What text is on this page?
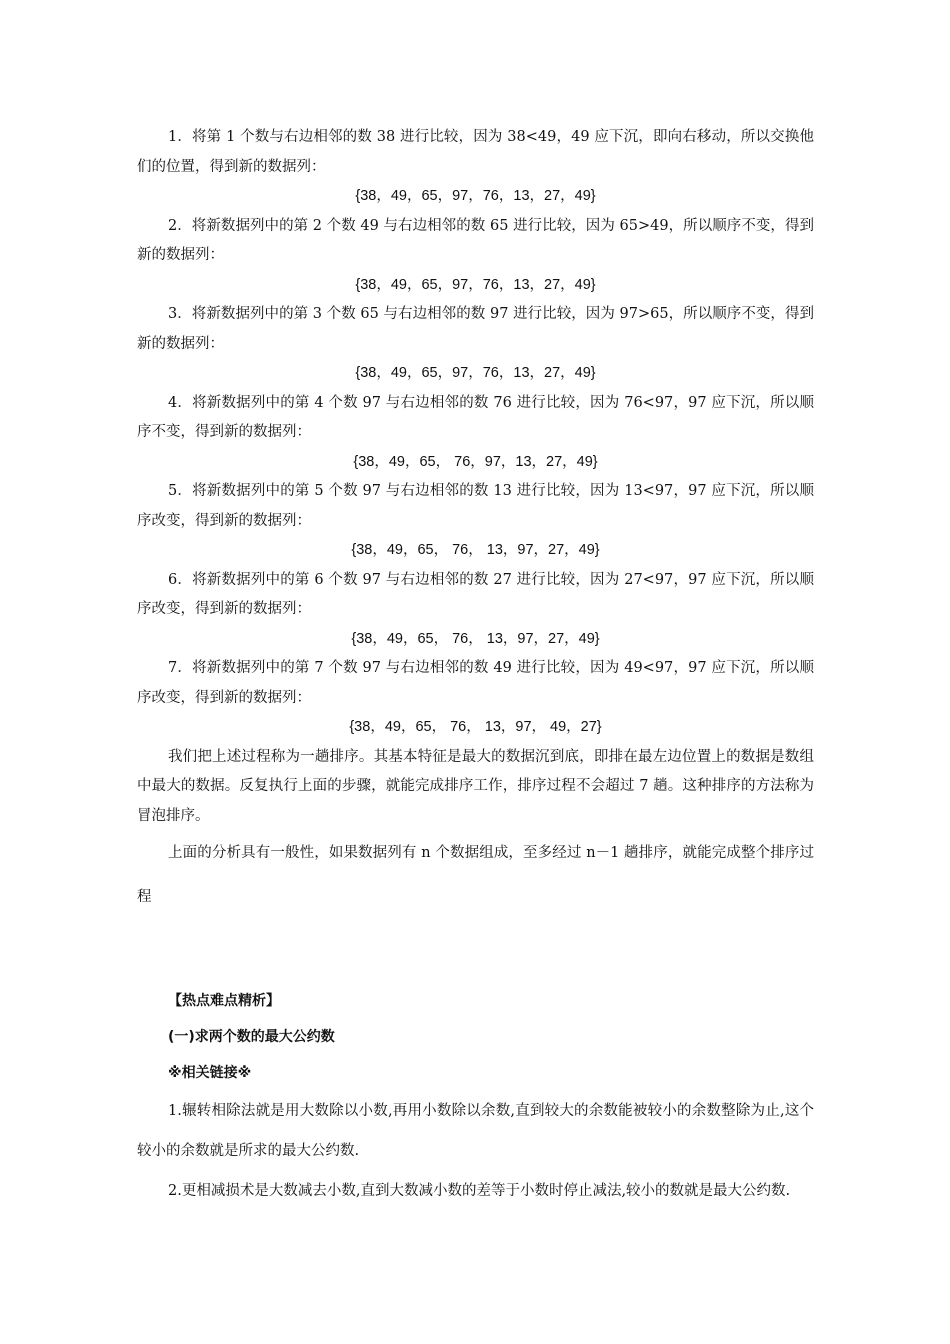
1．将第 1 个数与右边相邻的数 38 进行比较，因为 38<49，49 应下沉，即向右移动，所以交换他们的位置，得到新的数据列：

{38，49，65，97，76，13，27，49}

2．将新数据列中的第 2 个数 49 与右边相邻的数 65 进行比较，因为 65>49，所以顺序不变，得到新的数据列：

{38，49，65，97，76，13，27，49}

3．将新数据列中的第 3 个数 65 与右边相邻的数 97 进行比较，因为 97>65，所以顺序不变，得到新的数据列：

{38，49，65，97，76，13，27，49}

4．将新数据列中的第 4 个数 97 与右边相邻的数 76 进行比较，因为 76<97，97 应下沉，所以顺序不变，得到新的数据列：

{38，49，65， 76，97，13，27，49}

5．将新数据列中的第 5 个数 97 与右边相邻的数 13 进行比较，因为 13<97，97 应下沉，所以顺序改变，得到新的数据列：

{38，49，65， 76， 13，97，27，49}

6．将新数据列中的第 6 个数 97 与右边相邻的数 27 进行比较，因为 27<97，97 应下沉，所以顺序改变，得到新的数据列：

{38，49，65， 76， 13，97，27，49}

7．将新数据列中的第 7 个数 97 与右边相邻的数 49 进行比较，因为 49<97，97 应下沉，所以顺序改变，得到新的数据列：

{38，49，65， 76， 13，97， 49，27}

我们把上述过程称为一趟排序。其基本特征是最大的数据沉到底，即排在最左边位置上的数据是数组中最大的数据。反复执行上面的步骤，就能完成排序工作，排序过程不会超过 7 趟。这种排序的方法称为冒泡排序。

上面的分析具有一般性，如果数据列有 n 个数据组成，至多经过 n－1 趟排序，就能完成整个排序过程

【热点难点精析】

(一)求两个数的最大公约数

※相关链接※

1.辗转相除法就是用大数除以小数,再用小数除以余数,直到较大的余数能被较小的余数整除为止,这个较小的余数就是所求的最大公约数.

2.更相减损术是大数减去小数,直到大数减小数的差等于小数时停止减法,较小的数就是最大公约数.
